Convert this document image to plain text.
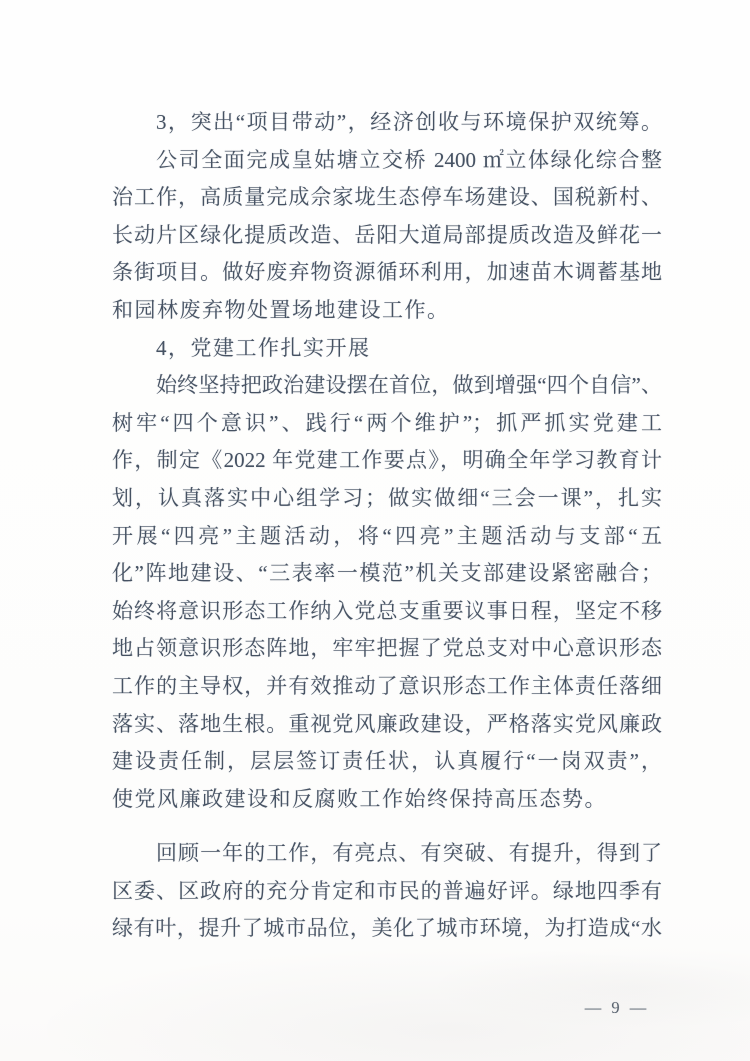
3，突出“项目带动”，经济创收与环境保护双统筹。
公司全面完成皇姑塘立交桥 2400 ㎡立体绿化综合整
治工作，高质量完成佘家垅生态停车场建设、国税新村、
长动片区绿化提质改造、岳阳大道局部提质改造及鲜花一
条街项目。做好废弃物资源循环利用，加速苗木调蓄基地
和园林废弃物处置场地建设工作。
4，党建工作扎实开展
始终坚持把政治建设摆在首位，做到增强“四个自信”、
树牢“四个意识”、践行“两个维护”；抓严抓实党建工
作，制定《2022 年党建工作要点》，明确全年学习教育计
划，认真落实中心组学习；做实做细“三会一课”，扎实
开展“四亮”主题活动，将“四亮”主题活动与支部“五
化”阵地建设、“三表率一模范”机关支部建设紧密融合；
始终将意识形态工作纳入党总支重要议事日程，坚定不移
地占领意识形态阵地，牢牢把握了党总支对中心意识形态
工作的主导权，并有效推动了意识形态工作主体责任落细
落实、落地生根。重视党风廉政建设，严格落实党风廉政
建设责任制，层层签订责任状，认真履行“一岗双责”，
使党风廉政建设和反腐败工作始终保持高压态势。
回顾一年的工作，有亮点、有突破、有提升，得到了
区委、区政府的充分肯定和市民的普遍好评。绿地四季有
绿有叶，提升了城市品位，美化了城市环境，为打造成“水
— 9 —
